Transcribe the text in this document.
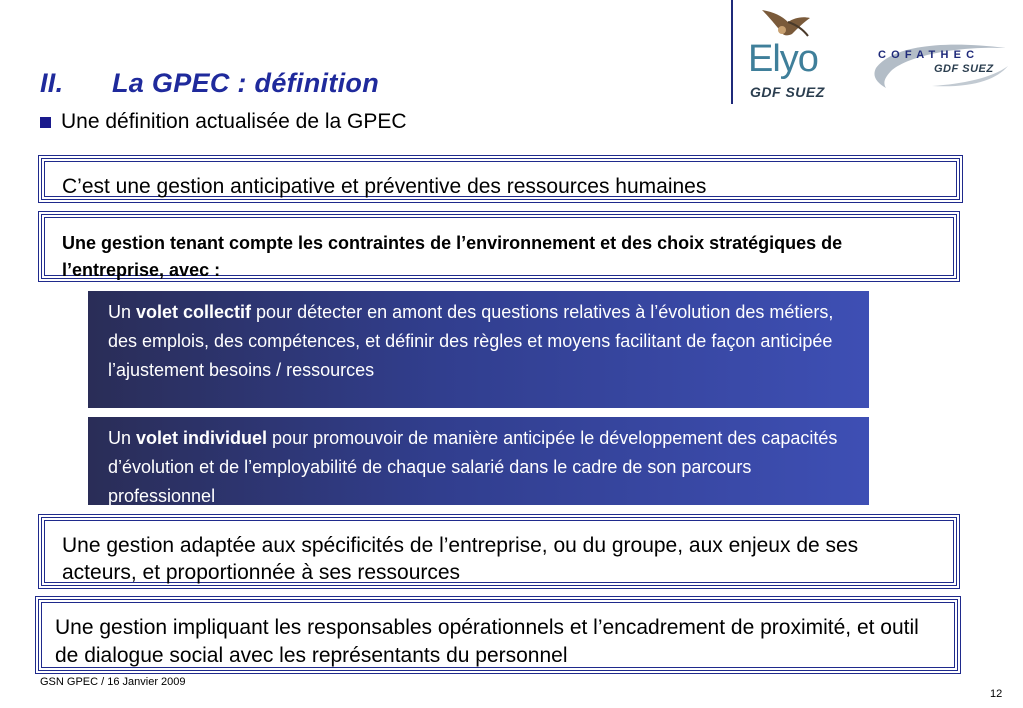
II. La GPEC : définition
Une définition actualisée de la GPEC
Elyo
GDF SUEZ
COFATHEC
GDF SUEZ
C’est une gestion anticipative et préventive des ressources humaines
Une gestion tenant compte les contraintes de l’environnement et des choix stratégiques de l’entreprise, avec :
Un volet collectif pour détecter en amont des questions relatives à l’évolution des métiers, des emplois, des compétences, et définir des règles et moyens facilitant de façon anticipée l’ajustement besoins / ressources
Un volet individuel pour promouvoir de manière anticipée le développement des capacités d’évolution et de l’employabilité de chaque salarié dans le cadre de son parcours professionnel
Une gestion adaptée aux spécificités de l’entreprise, ou du groupe, aux enjeux de ses acteurs, et proportionnée à ses ressources
Une gestion impliquant les responsables opérationnels et l’encadrement de proximité, et outil de dialogue social avec les représentants du personnel
GSN GPEC / 16 Janvier 2009
12
